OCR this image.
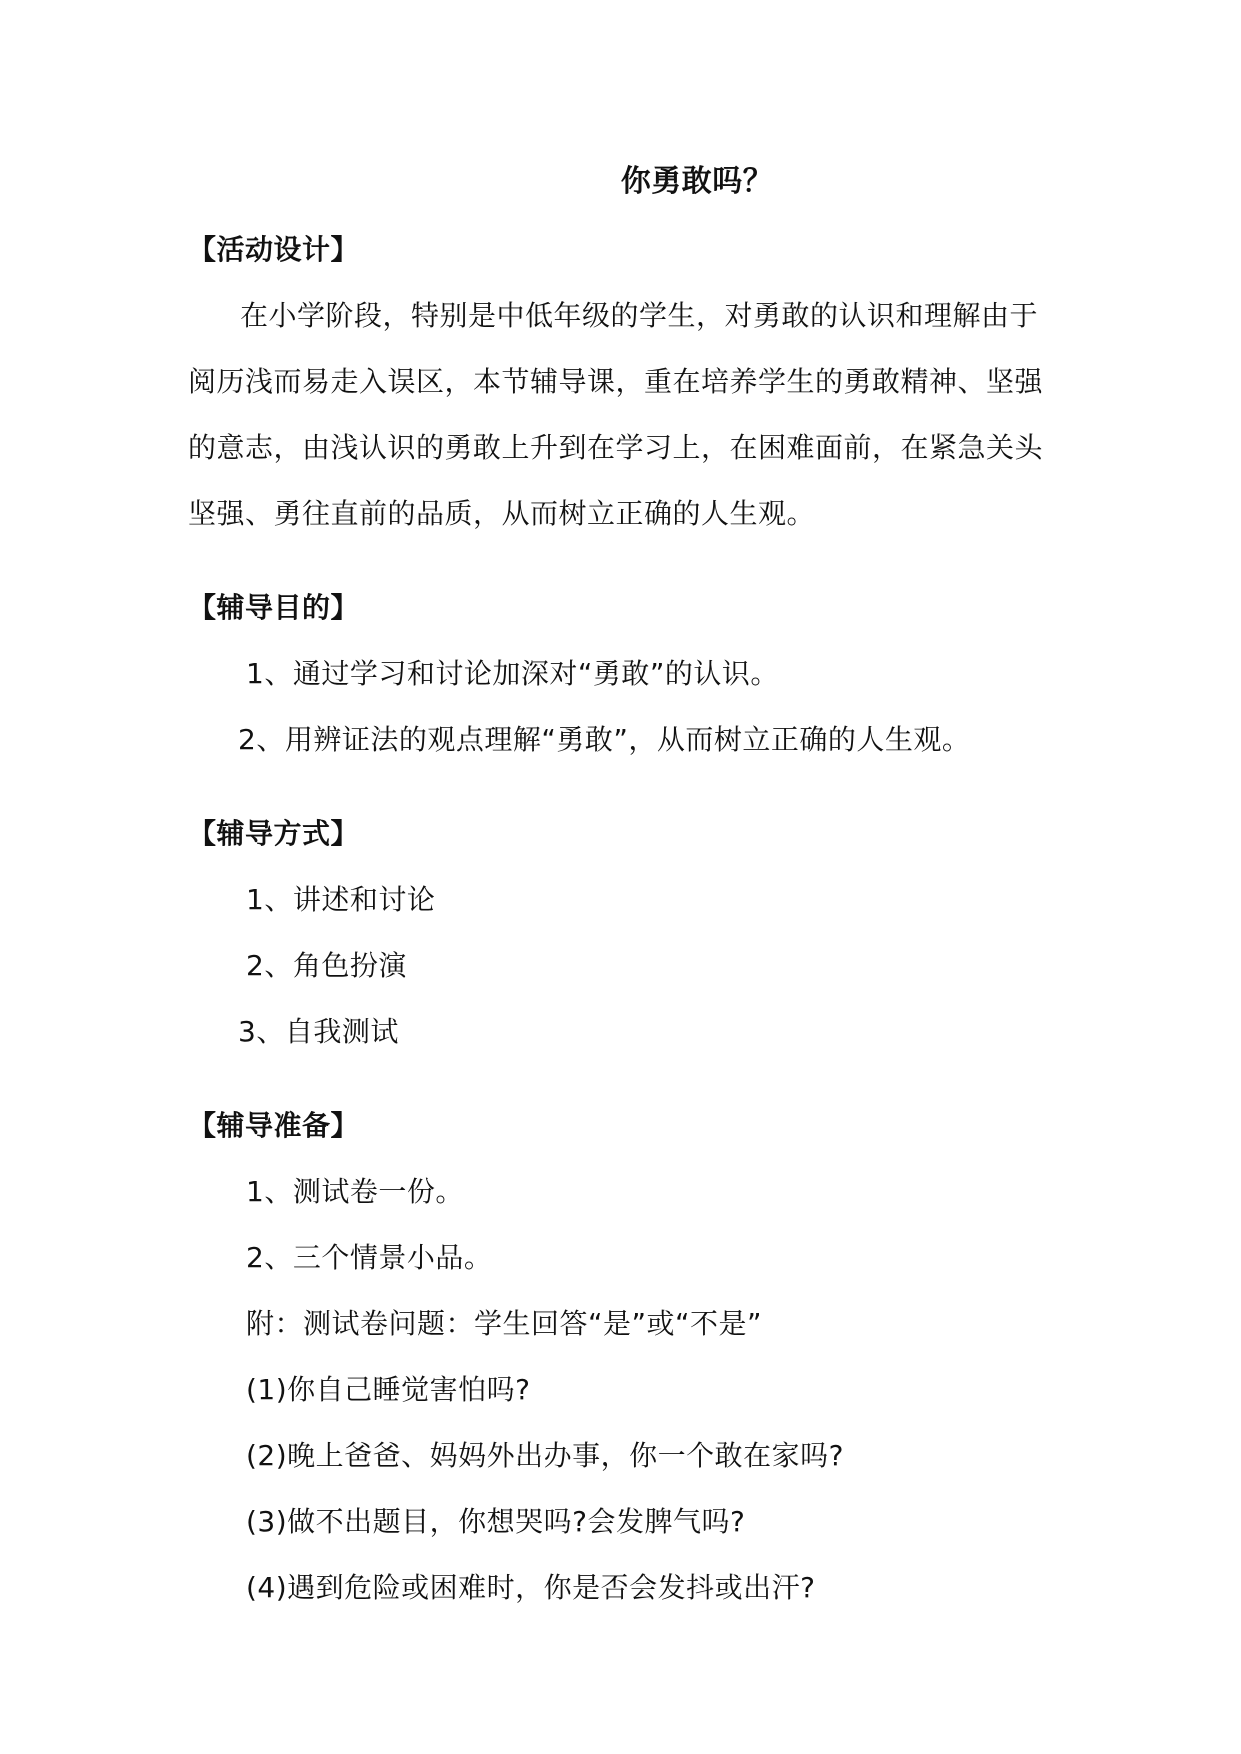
你勇敢吗？
【活动设计】
在小学阶段，特别是中低年级的学生，对勇敢的认识和理解由于
阅历浅而易走入误区，本节辅导课，重在培养学生的勇敢精神、坚强
的意志，由浅认识的勇敢上升到在学习上，在困难面前，在紧急关头
坚强、勇往直前的品质，从而树立正确的人生观。
【辅导目的】
1、通过学习和讨论加深对“勇敢”的认识。
2、用辨证法的观点理解“勇敢”，从而树立正确的人生观。
【辅导方式】
1、讲述和讨论
2、角色扮演
3、自我测试
【辅导准备】
1、测试卷一份。
2、三个情景小品。
附：测试卷问题：学生回答“是”或“不是”
(1)你自己睡觉害怕吗?
(2)晚上爸爸、妈妈外出办事，你一个敢在家吗?
(3)做不出题目，你想哭吗?会发脾气吗?
(4)遇到危险或困难时，你是否会发抖或出汗?
